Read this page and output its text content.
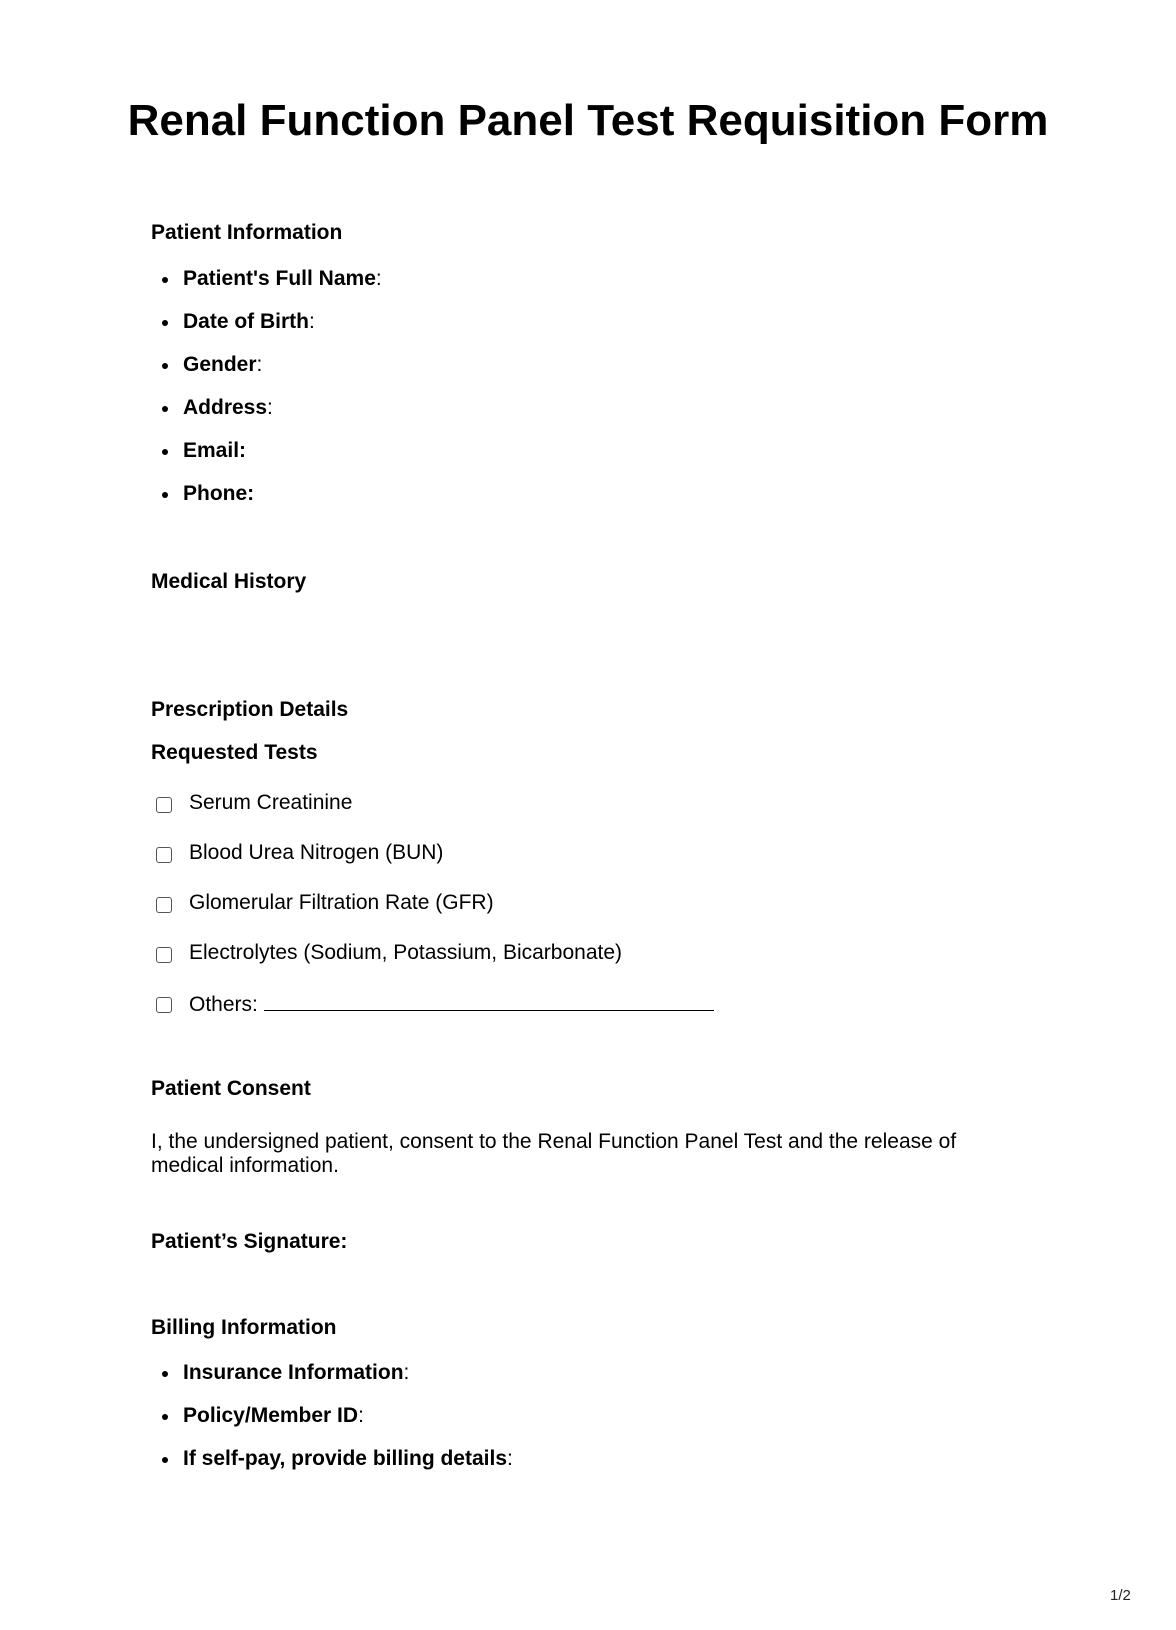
Renal Function Panel Test Requisition Form
Patient Information
Patient's Full Name:
Date of Birth:
Gender:
Address:
Email:
Phone:
Medical History
Prescription Details
Requested Tests
Serum Creatinine
Blood Urea Nitrogen (BUN)
Glomerular Filtration Rate (GFR)
Electrolytes (Sodium, Potassium, Bicarbonate)
Others:
Patient Consent

I, the undersigned patient, consent to the Renal Function Panel Test and the release of medical information.

Patient’s Signature:
Billing Information
Insurance Information:
Policy/Member ID:
If self-pay, provide billing details:
1/2
